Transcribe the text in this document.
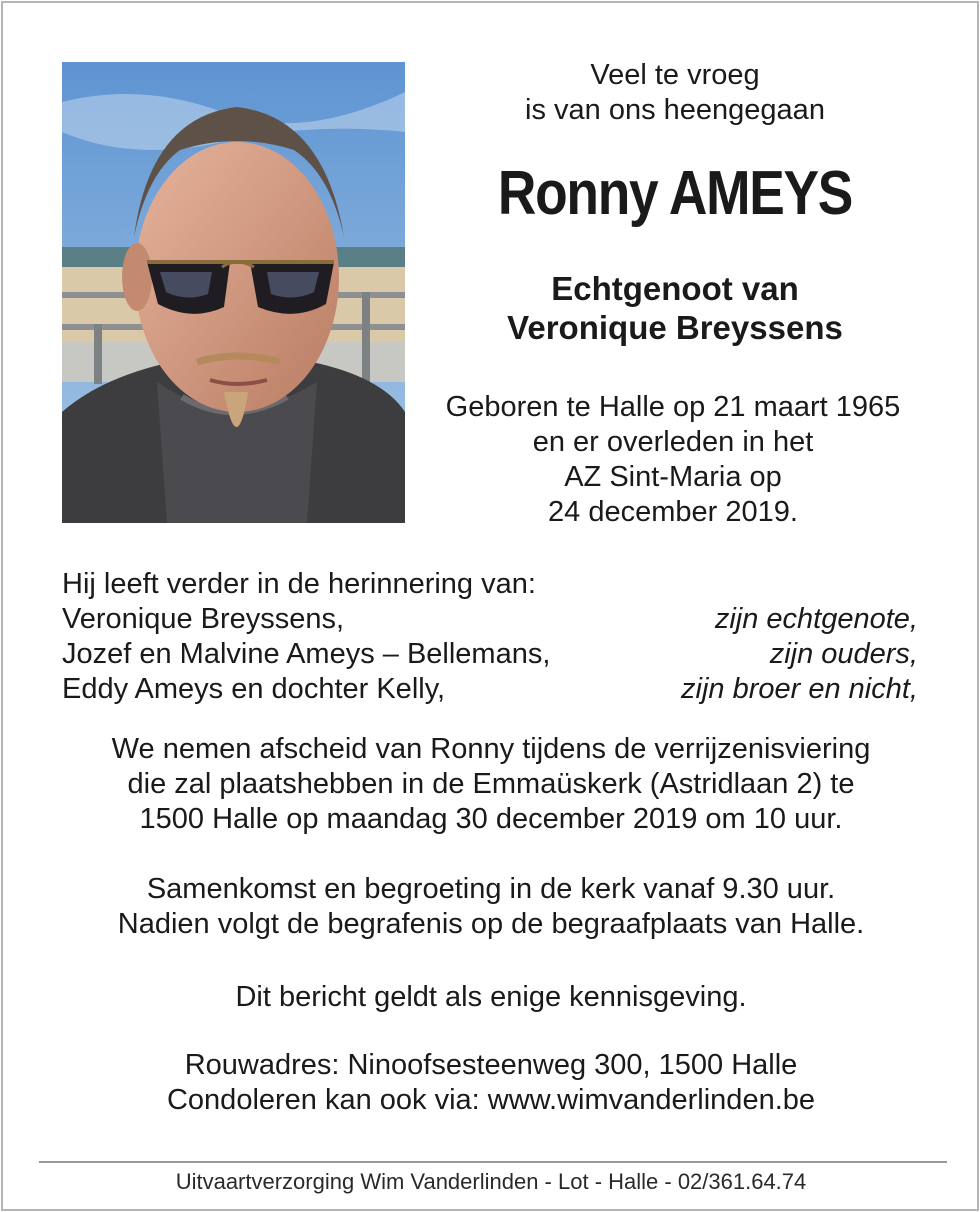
Veel te vroeg
is van ons heengegaan
Ronny AMEYS
Echtgenoot van
Veronique Breyssens
Geboren te Halle op 21 maart 1965
en er overleden in het
AZ Sint-Maria op
24 december 2019.
Hij leeft verder in de herinnering van:
Veronique Breyssens,	zijn echtgenote,
Jozef en Malvine Ameys – Bellemans,	zijn ouders,
Eddy Ameys en dochter Kelly,	zijn broer en nicht,
We nemen afscheid van Ronny tijdens de verrijzenisviering
die zal plaatshebben in de Emmaüskerk (Astridlaan 2) te
1500 Halle op maandag 30 december 2019 om 10 uur.
Samenkomst en begroeting in de kerk vanaf 9.30 uur.
Nadien volgt de begrafenis op de begraafplaats van Halle.
Dit bericht geldt als enige kennisgeving.
Rouwadres: Ninoofsesteenweg 300, 1500 Halle
Condoleren kan ook via: www.wimvanderlinden.be
Uitvaartverzorging Wim Vanderlinden - Lot - Halle - 02/361.64.74
